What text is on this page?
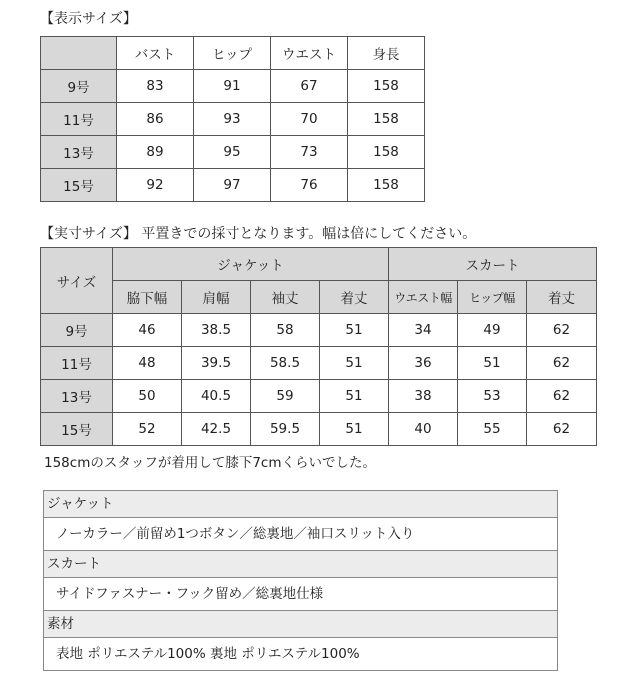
【表示サイズ】
	バスト	ヒップ	ウエスト	身長
9号	83	91	67	158
11号	86	93	70	158
13号	89	95	73	158
15号	92	97	76	158
【実寸サイズ】 平置きでの採寸となります。幅は倍にしてください。
サイズ	ジャケット				スカート		
	脇下幅	肩幅	袖丈	着丈	ウエスト幅	ヒップ幅	着丈
9号	46	38.5	58	51	34	49	62
11号	48	39.5	58.5	51	36	51	62
13号	50	40.5	59	51	38	53	62
15号	52	42.5	59.5	51	40	55	62
158cmのスタッフが着用して膝下7cmくらいでした。
ジャケット
ノーカラー／前留め1つボタン／総裏地／袖口スリット入り
スカート
サイドファスナー・フック留め／総裏地仕様
素材
表地 ポリエステル100% 裏地 ポリエステル100%
